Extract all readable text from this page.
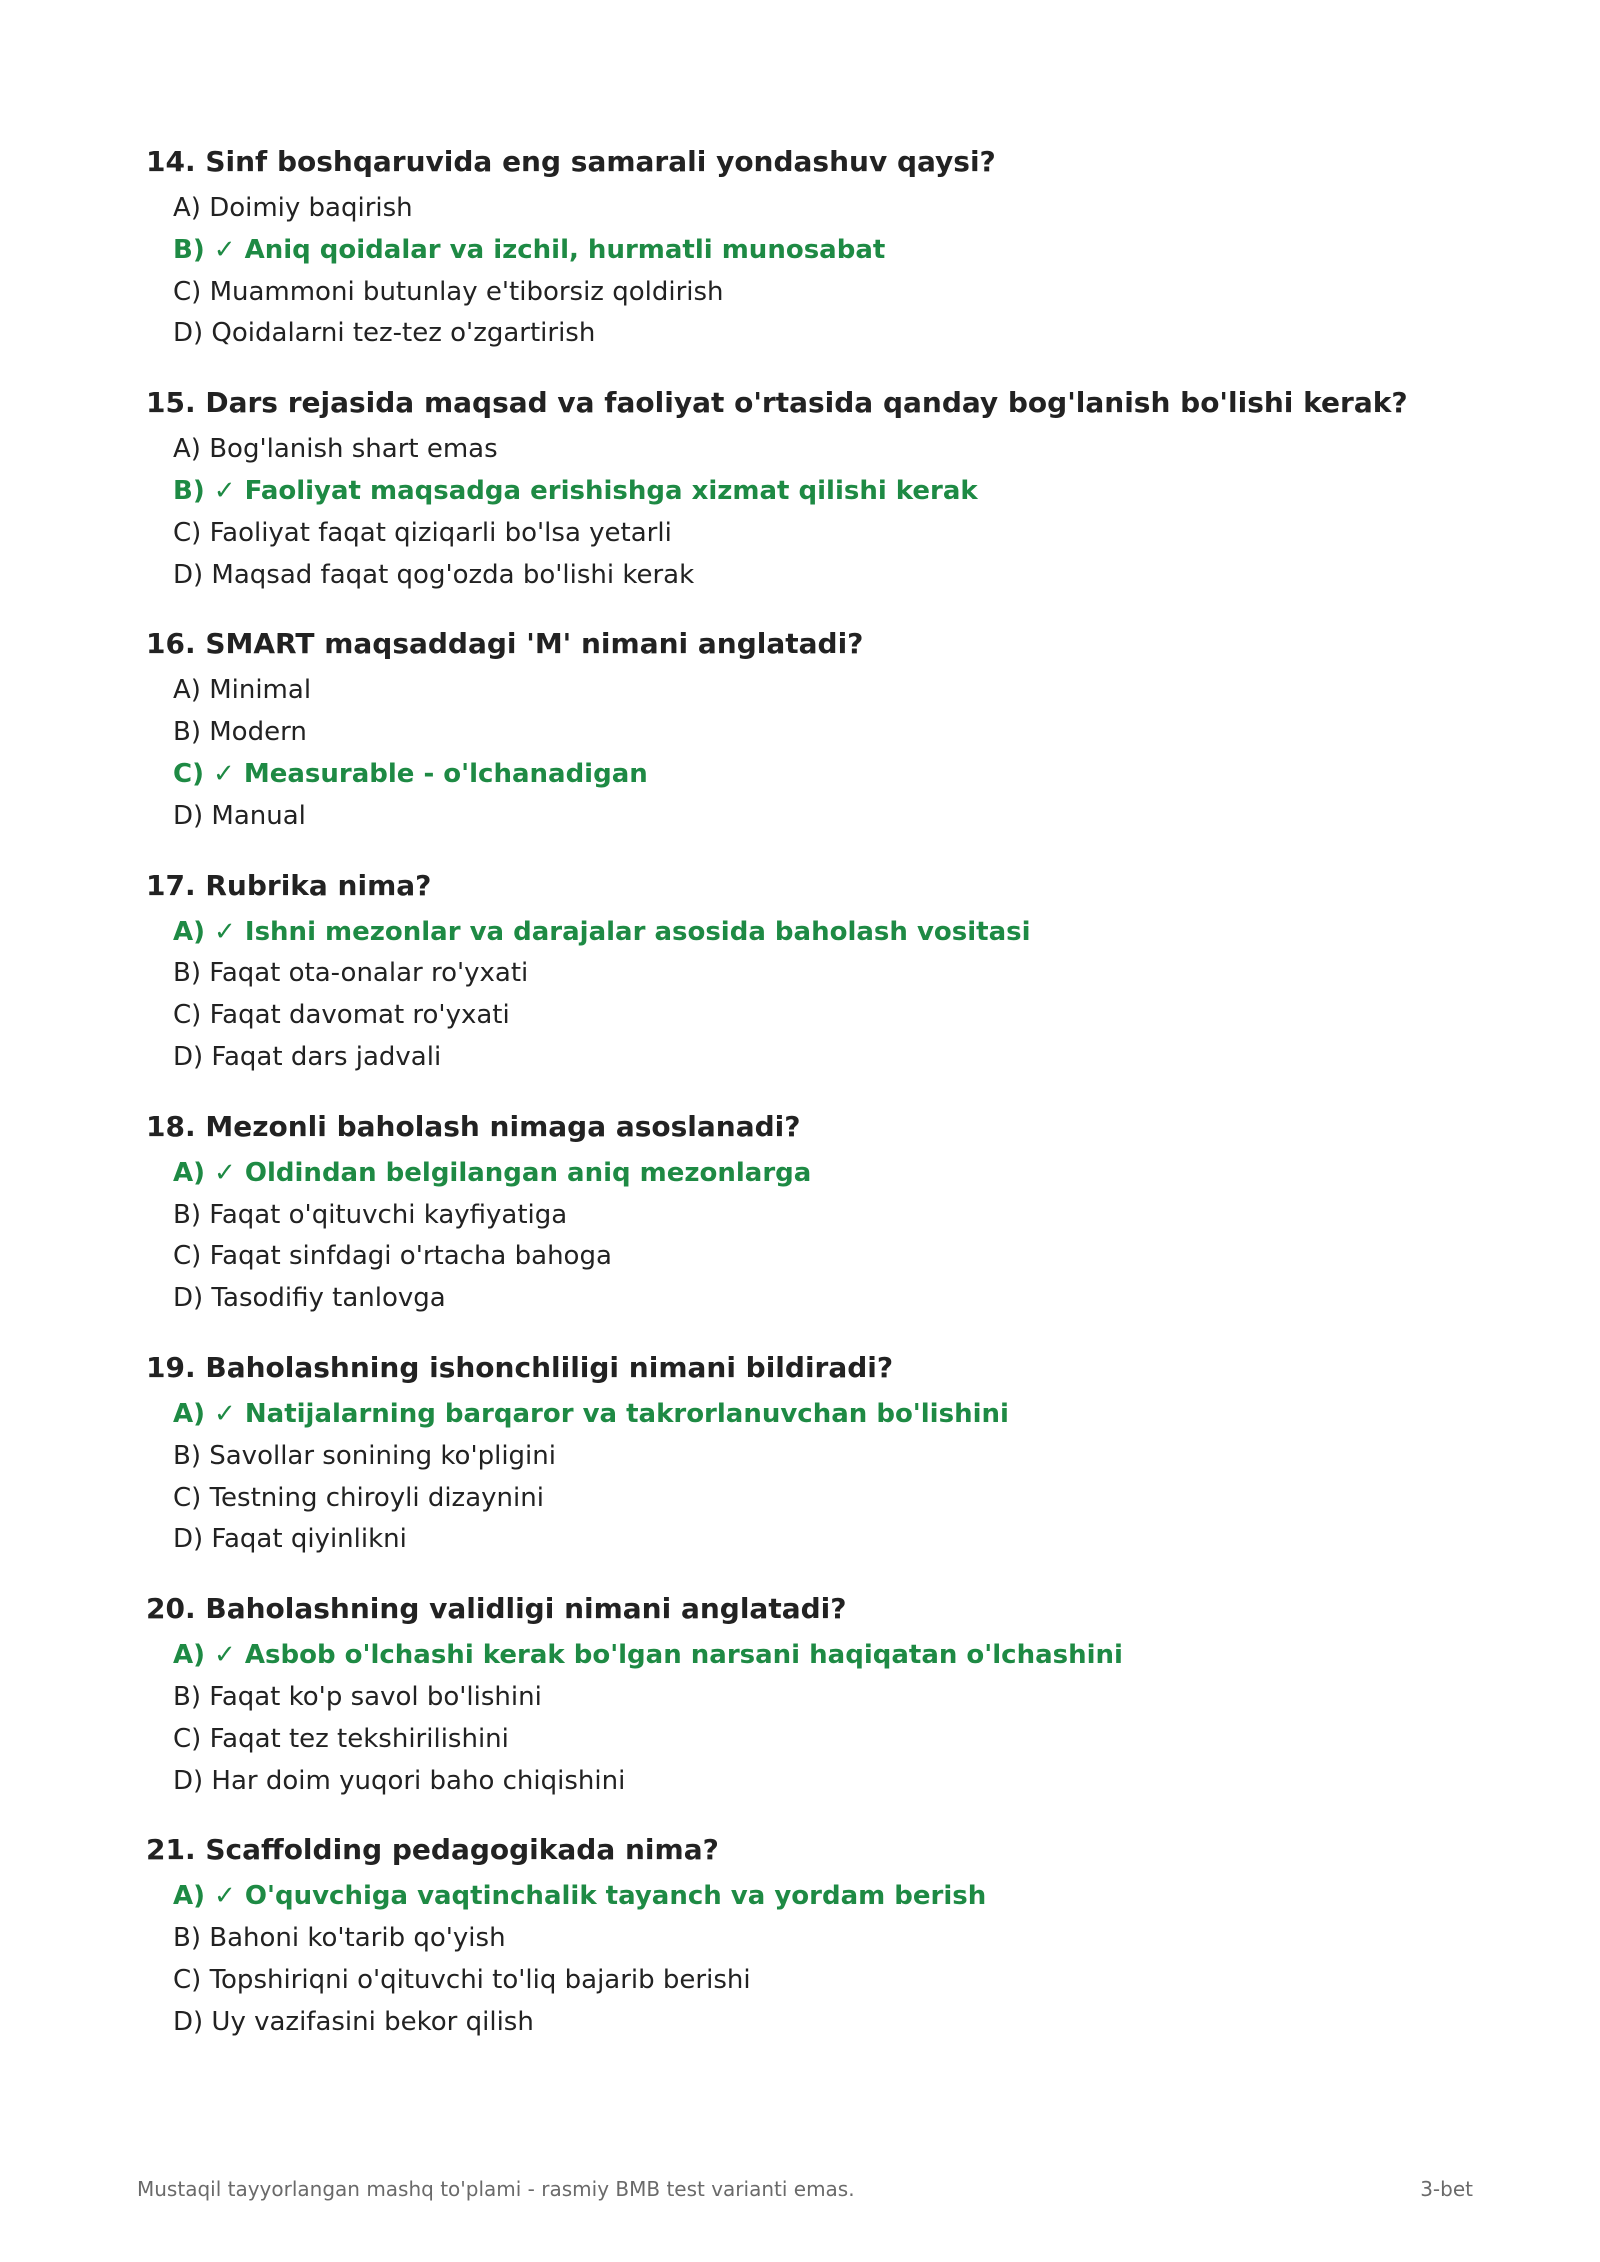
14. Sinf boshqaruvida eng samarali yondashuv qaysi?
A) Doimiy baqirish
B) ✓ Aniq qoidalar va izchil, hurmatli munosabat
C) Muammoni butunlay e'tiborsiz qoldirish
D) Qoidalarni tez-tez o'zgartirish
15. Dars rejasida maqsad va faoliyat o'rtasida qanday bog'lanish bo'lishi kerak?
A) Bog'lanish shart emas
B) ✓ Faoliyat maqsadga erishishga xizmat qilishi kerak
C) Faoliyat faqat qiziqarli bo'lsa yetarli
D) Maqsad faqat qog'ozda bo'lishi kerak
16. SMART maqsaddagi 'M' nimani anglatadi?
A) Minimal
B) Modern
C) ✓ Measurable - o'lchanadigan
D) Manual
17. Rubrika nima?
A) ✓ Ishni mezonlar va darajalar asosida baholash vositasi
B) Faqat ota-onalar ro'yxati
C) Faqat davomat ro'yxati
D) Faqat dars jadvali
18. Mezonli baholash nimaga asoslanadi?
A) ✓ Oldindan belgilangan aniq mezonlarga
B) Faqat o'qituvchi kayfiyatiga
C) Faqat sinfdagi o'rtacha bahoga
D) Tasodifiy tanlovga
19. Baholashning ishonchliligi nimani bildiradi?
A) ✓ Natijalarning barqaror va takrorlanuvchan bo'lishini
B) Savollar sonining ko'pligini
C) Testning chiroyli dizaynini
D) Faqat qiyinlikni
20. Baholashning validligi nimani anglatadi?
A) ✓ Asbob o'lchashi kerak bo'lgan narsani haqiqatan o'lchashini
B) Faqat ko'p savol bo'lishini
C) Faqat tez tekshirilishini
D) Har doim yuqori baho chiqishini
21. Scaffolding pedagogikada nima?
A) ✓ O'quvchiga vaqtinchalik tayanch va yordam berish
B) Bahoni ko'tarib qo'yish
C) Topshiriqni o'qituvchi to'liq bajarib berishi
D) Uy vazifasini bekor qilish
Mustaqil tayyorlangan mashq to'plami - rasmiy BMB test varianti emas.	3-bet
